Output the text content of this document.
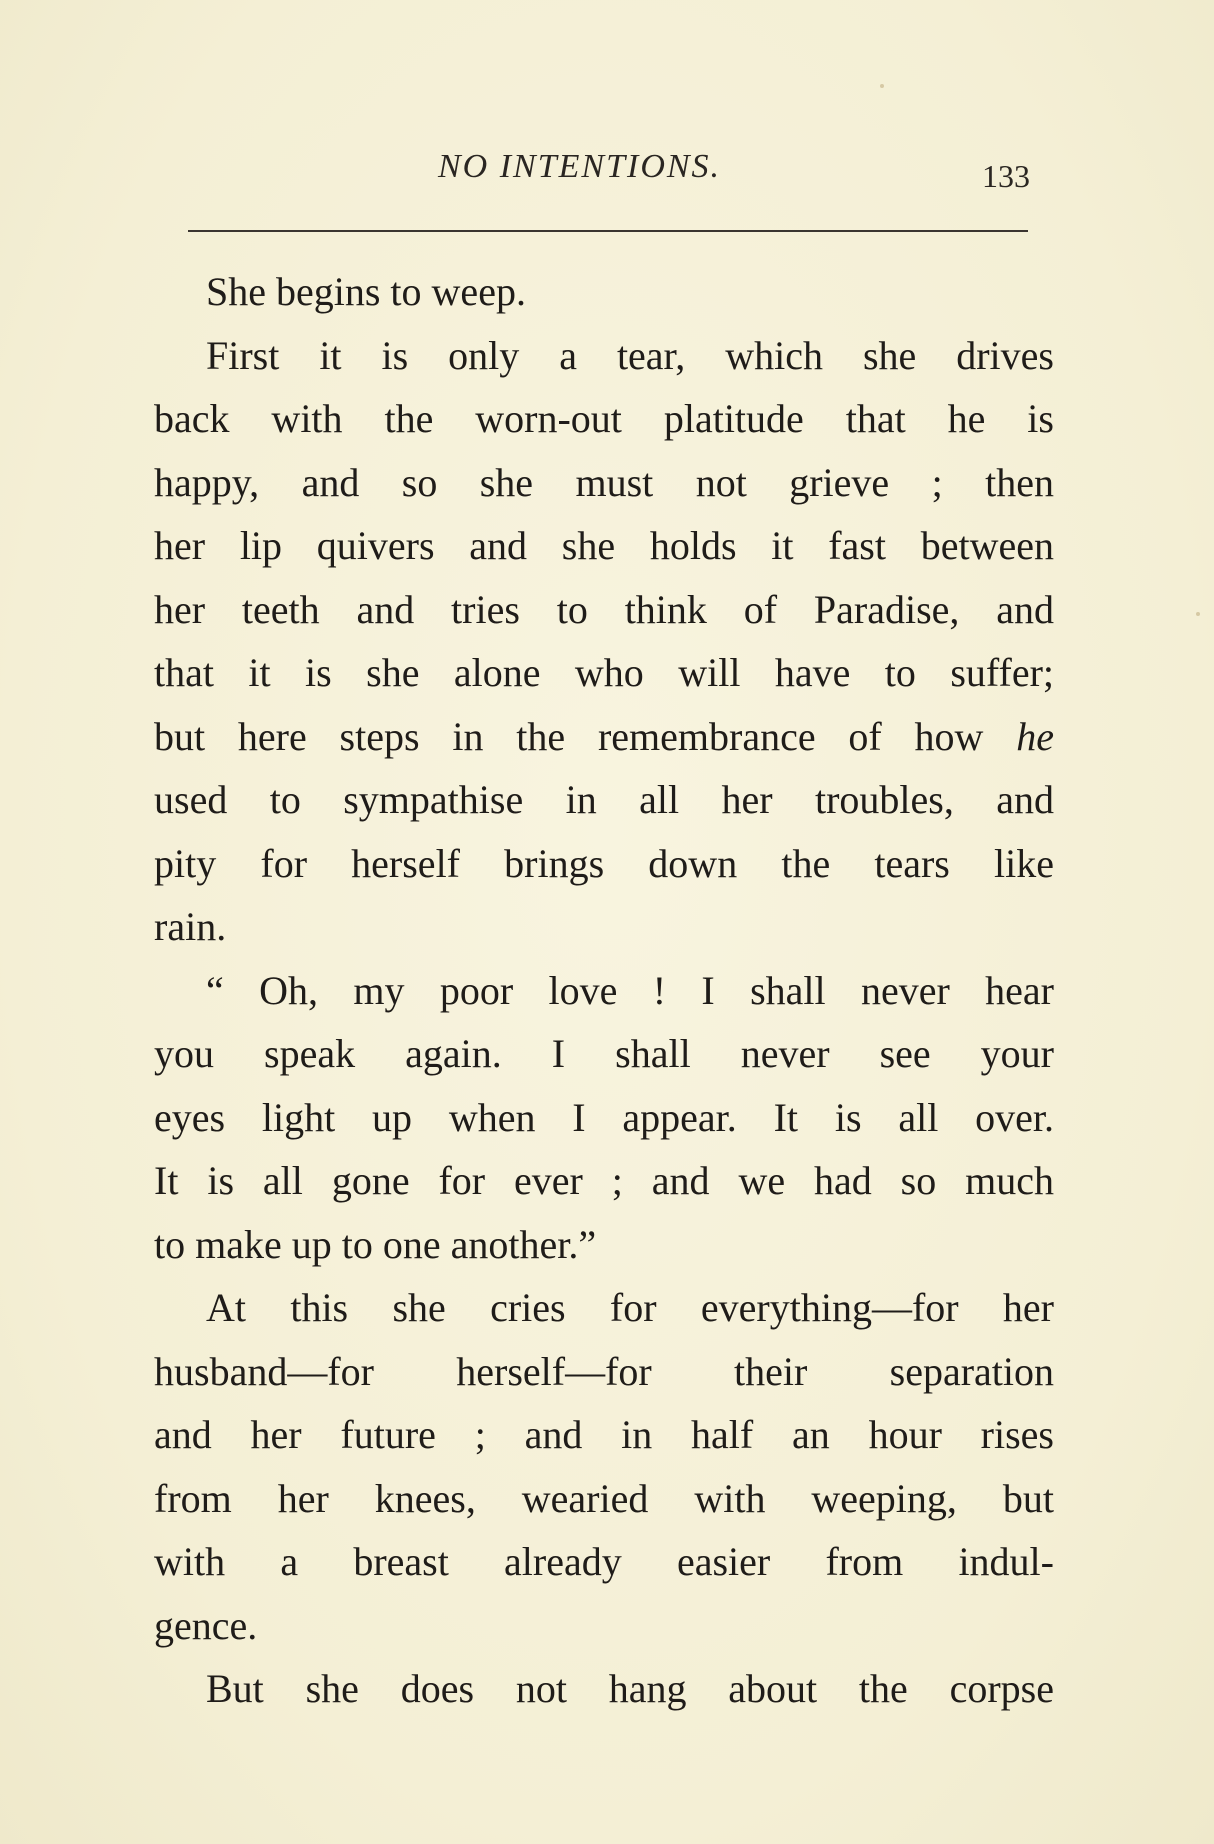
NO INTENTIONS.	133
She begins to weep.
First it is only a tear, which she drives
back with the worn-out platitude that he is
happy, and so she must not grieve ; then
her lip quivers and she holds it fast between
her teeth and tries to think of Paradise, and
that it is she alone who will have to suffer;
but here steps in the remembrance of how he
used to sympathise in all her troubles, and
pity for herself brings down the tears like
rain.
“ Oh, my poor love ! I shall never hear
you speak again. I shall never see your
eyes light up when I appear. It is all over.
It is all gone for ever ; and we had so much
to make up to one another.”
At this she cries for everything—for her
husband—for herself—for their separation
and her future ; and in half an hour rises
from her knees, wearied with weeping, but
with a breast already easier from indul-
gence.
But she does not hang about the corpse
